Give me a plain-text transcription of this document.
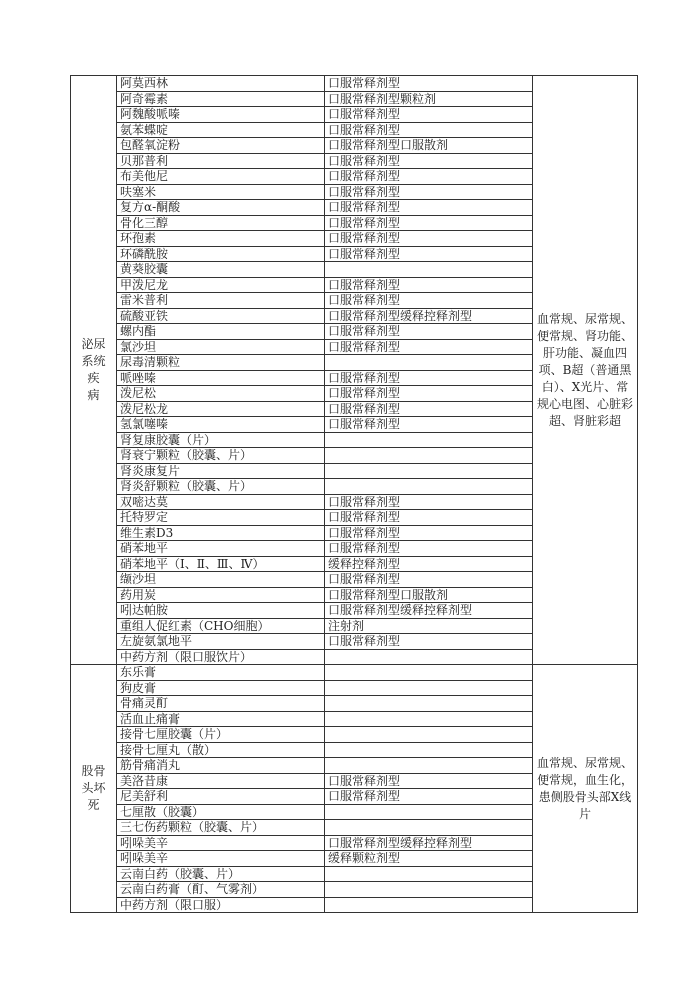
泌尿
系统疾
病	阿莫西林	口服常释剂型	血常规、尿常规、便常规、肾功能、肝功能、凝血四项、B超（普通黑白）、X光片、常规心电图、心脏彩超、肾脏彩超
	阿奇霉素	口服常释剂型颗粒剂	
	阿魏酸哌嗪	口服常释剂型	
	氨苯蝶啶	口服常释剂型	
	包醛氧淀粉	口服常释剂型口服散剂	
	贝那普利	口服常释剂型	
	布美他尼	口服常释剂型	
	呋塞米	口服常释剂型	
	复方α-酮酸	口服常释剂型	
	骨化三醇	口服常释剂型	
	环孢素	口服常释剂型	
	环磷酰胺	口服常释剂型	
	黄葵胶囊		
	甲泼尼龙	口服常释剂型	
	雷米普利	口服常释剂型	
	硫酸亚铁	口服常释剂型缓释控释剂型	
	螺内酯	口服常释剂型	
	氯沙坦	口服常释剂型	
	尿毒清颗粒		
	哌唑嗪	口服常释剂型	
	泼尼松	口服常释剂型	
	泼尼松龙	口服常释剂型	
	氢氯噻嗪	口服常释剂型	
	肾复康胶囊（片）		
	肾衰宁颗粒（胶囊、片）		
	肾炎康复片		
	肾炎舒颗粒（胶囊、片）		
	双嘧达莫	口服常释剂型	
	托特罗定	口服常释剂型	
	维生素D3	口服常释剂型	
	硝苯地平	口服常释剂型	
	硝苯地平（Ⅰ、Ⅱ、Ⅲ、Ⅳ）	缓释控释剂型	
	缬沙坦	口服常释剂型	
	药用炭	口服常释剂型口服散剂	
	吲达帕胺	口服常释剂型缓释控释剂型	
	重组人促红素（CHO细胞）	注射剂	
	左旋氨氯地平	口服常释剂型	
	中药方剂（限口服饮片）		
股骨
头坏死	东乐膏		血常规、尿常规、便常规，血生化，患侧股骨头部X线片
	狗皮膏		
	骨痛灵酊		
	活血止痛膏		
	接骨七厘胶囊（片）		
	接骨七厘丸（散）		
	筋骨痛消丸		
	美洛昔康	口服常释剂型	
	尼美舒利	口服常释剂型	
	七厘散（胶囊）		
	三七伤药颗粒（胶囊、片）		
	吲哚美辛	口服常释剂型缓释控释剂型	
	吲哚美辛	缓释颗粒剂型	
	云南白药（胶囊、片）		
	云南白药膏（酊、气雾剂）		
	中药方剂（限口服）		
